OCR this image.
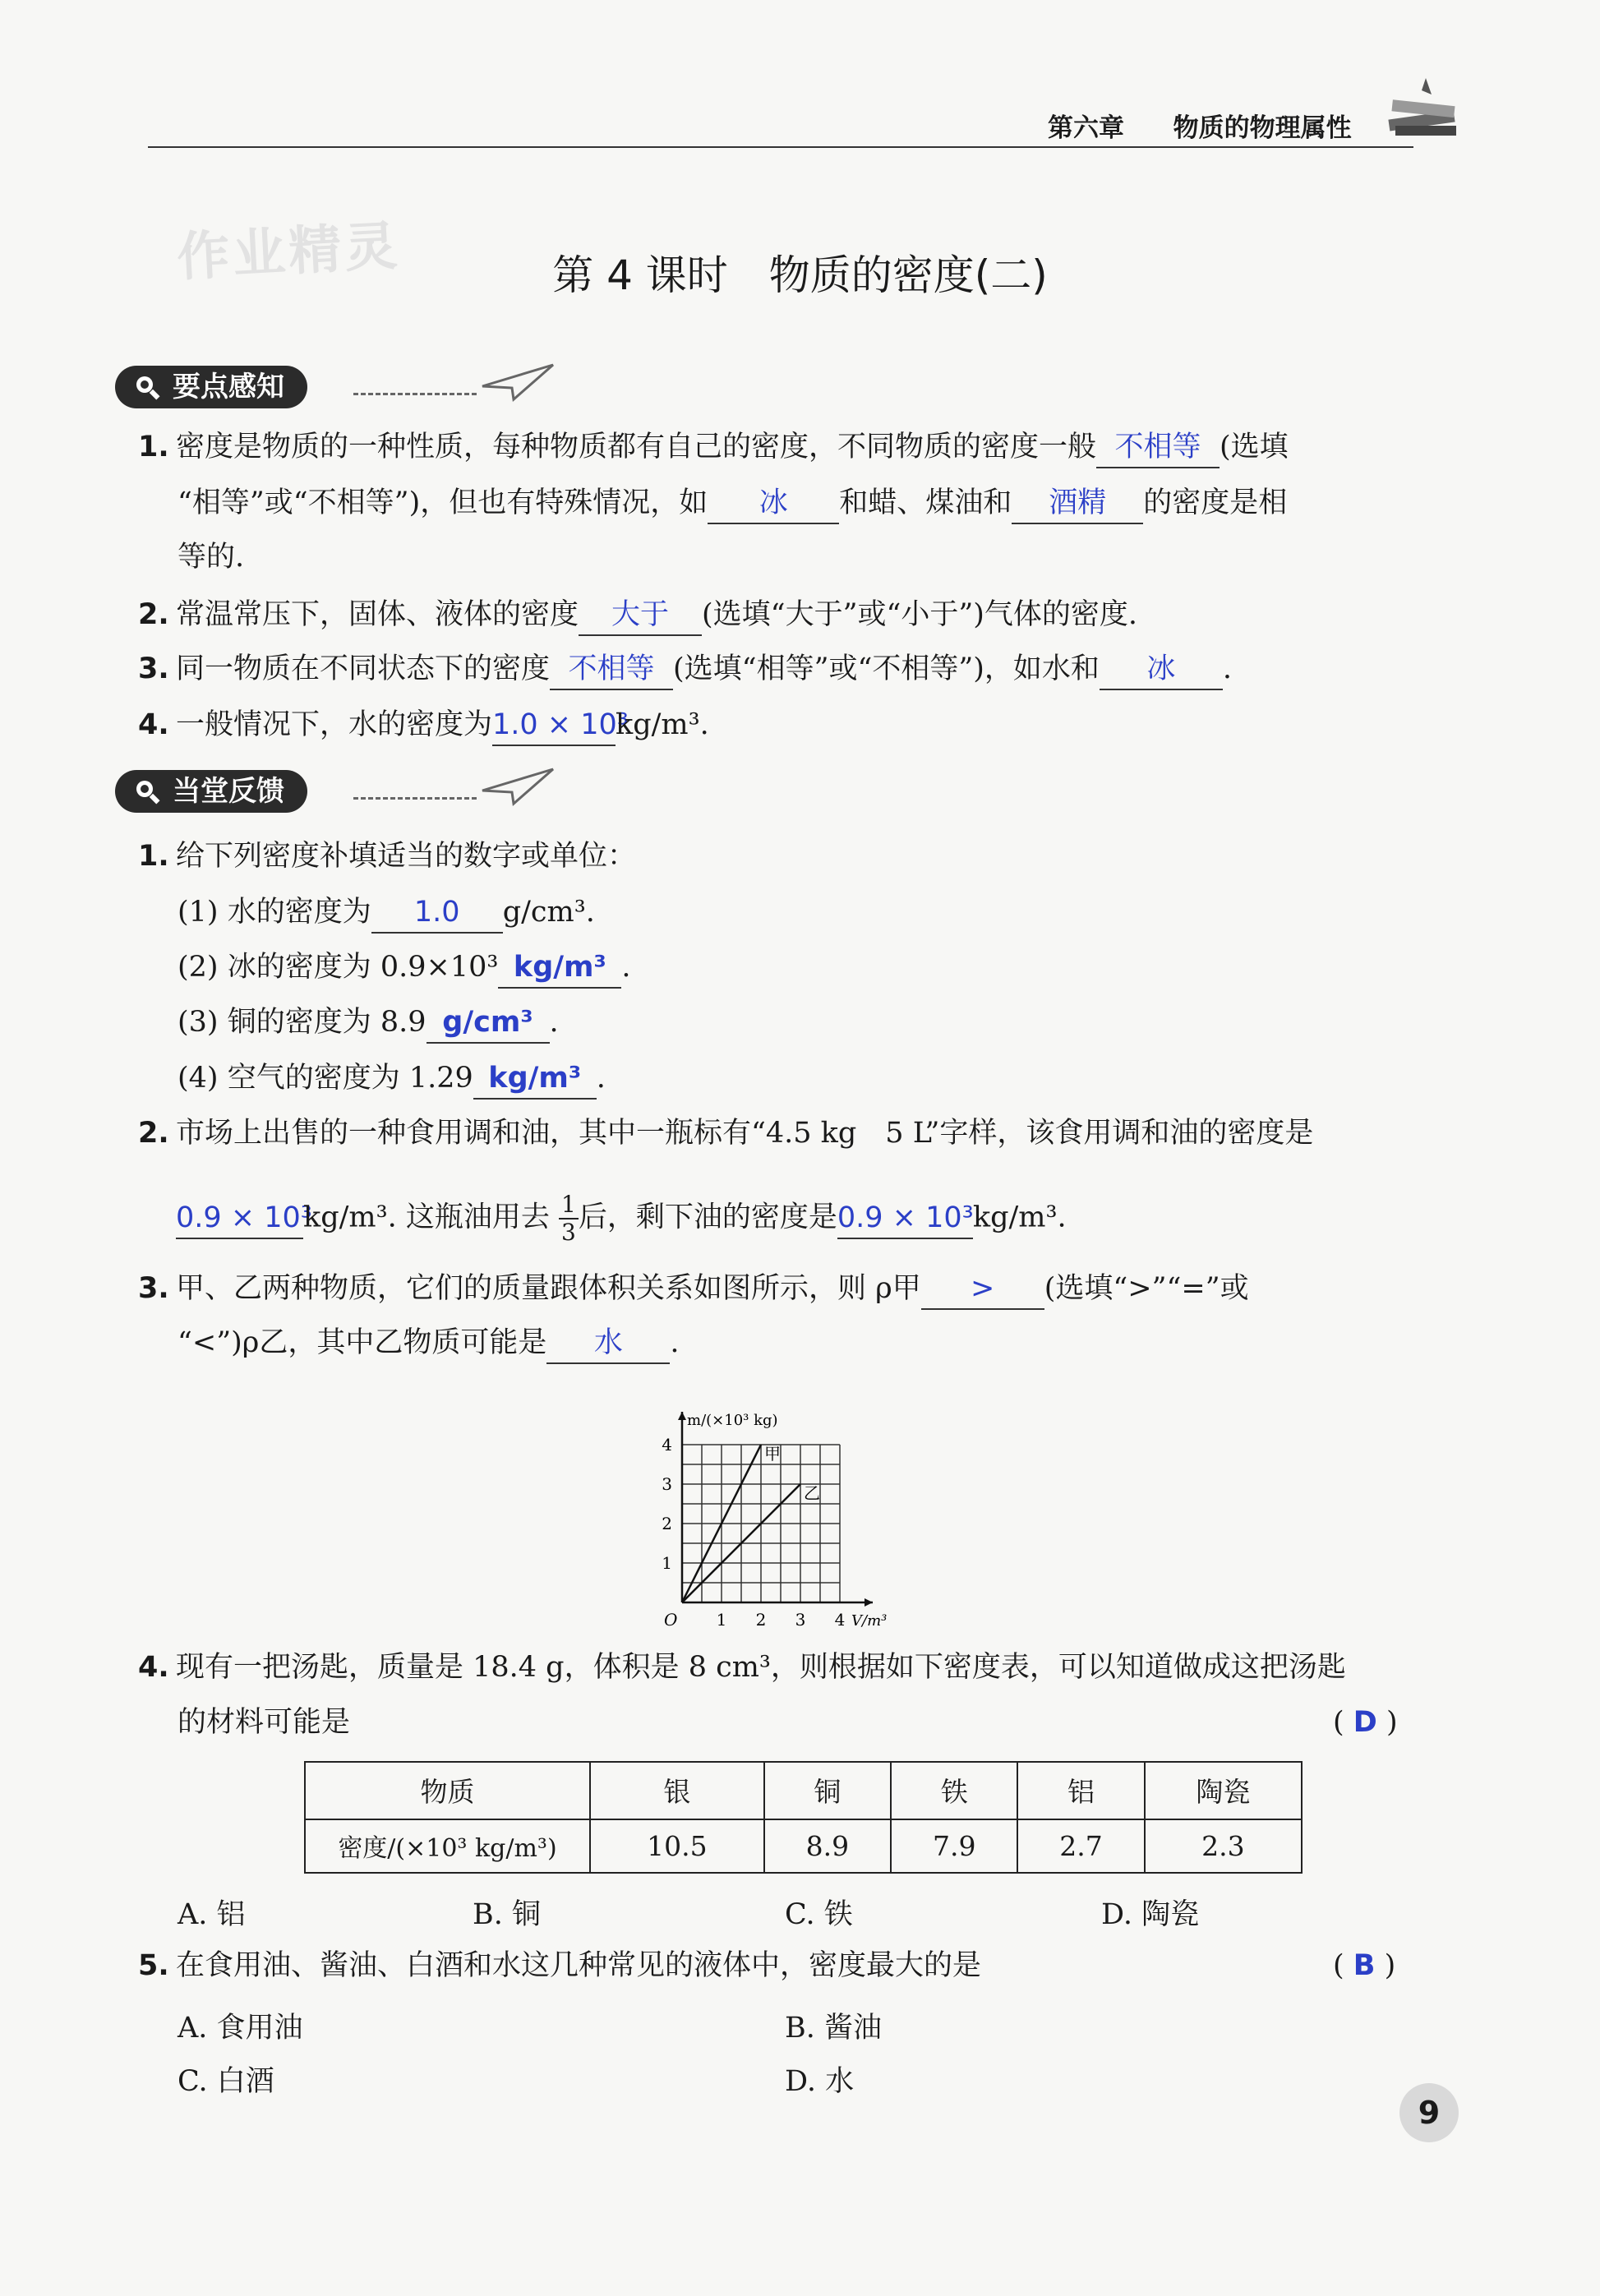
第六章 物质的物理属性
作业精灵	第 4 课时　物质的密度(二)
要点感知
1. 密度是物质的一种性质，每种物质都有自己的密度，不同物质的密度一般 不相等 (选填
“相等”或“不相等”)，但也有特殊情况，如 冰 和蜡、煤油和 酒精 的密度是相
等的.
2. 常温常压下，固体、液体的密度 大于 (选填“大于”或“小于”)气体的密度.
3. 同一物质在不同状态下的密度 不相等 (选填“相等”或“不相等”)，如水和 冰 .
4. 一般情况下，水的密度为1.0 × 10³kg/m³.
当堂反馈
1. 给下列密度补填适当的数字或单位：
(1) 水的密度为 1.0 g/cm³.
(2) 冰的密度为 0.9×10³ kg/m³ .
(3) 铜的密度为 8.9 g/cm³ .
(4) 空气的密度为 1.29 kg/m³ .
2. 市场上出售的一种食用调和油，其中一瓶标有“4.5 kg　5 L”字样，该食用调和油的密度是
0.9 × 10³kg/m³. 这瓶油用去 $\frac{1}{3}$ 后，剩下油的密度是0.9 × 10³kg/m³.
3. 甲、乙两种物质，它们的质量跟体积关系如图所示，则 ρ甲 > (选填“>”“=”或
“<”)ρ乙，其中乙物质可能是 水 .
1 2 3 4
1
2
3
4
O	V/m³
m/(×10³ kg)
甲
乙
4. 现有一把汤匙，质量是 18.4 g，体积是 8 cm³，则根据如下密度表，可以知道做成这把汤匙
的材料可能是	( D )
物质	银	铜	铁	铝	陶瓷
密度/(×10³ kg/m³)	10.5	8.9	7.9	2.7	2.3
A. 铝	B. 铜	C. 铁	D. 陶瓷
5. 在食用油、酱油、白酒和水这几种常见的液体中，密度最大的是	( B )
A. 食用油	B. 酱油
C. 白酒	D. 水
9
